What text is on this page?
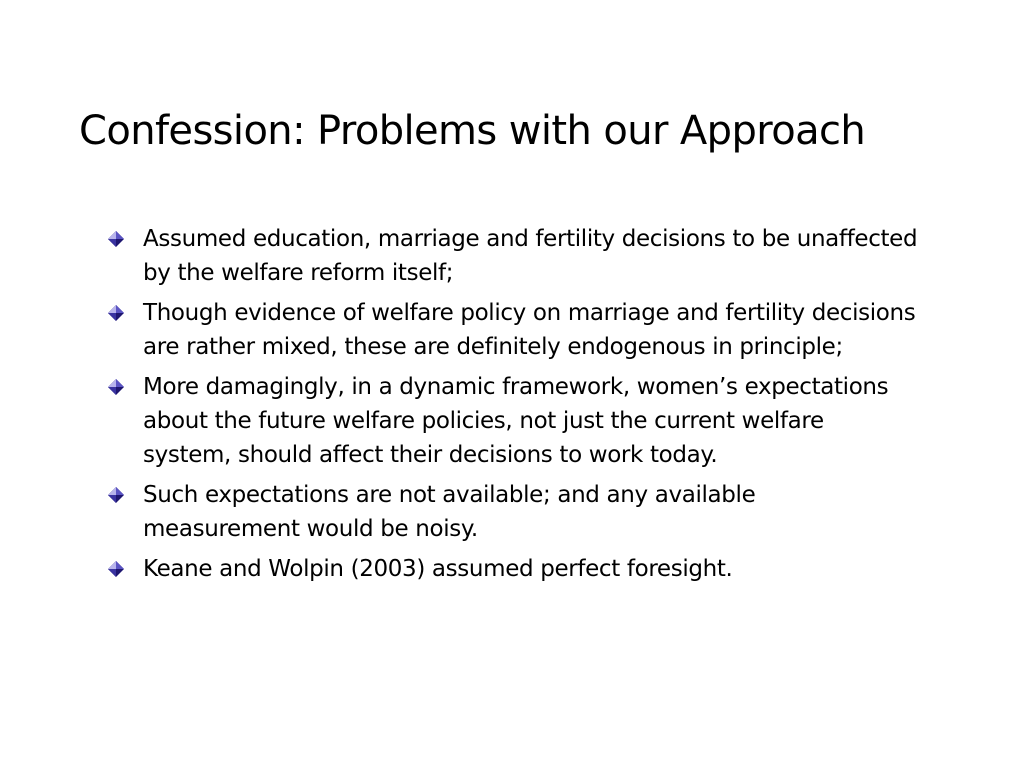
Confession: Problems with our Approach
Assumed education, marriage and fertility decisions to be unaffected by the welfare reform itself;
Though evidence of welfare policy on marriage and fertility decisions are rather mixed, these are definitely endogenous in principle;
More damagingly, in a dynamic framework, women’s expectations about the future welfare policies, not just the current welfare system, should affect their decisions to work today.
Such expectations are not available; and any available measurement would be noisy.
Keane and Wolpin (2003) assumed perfect foresight.
